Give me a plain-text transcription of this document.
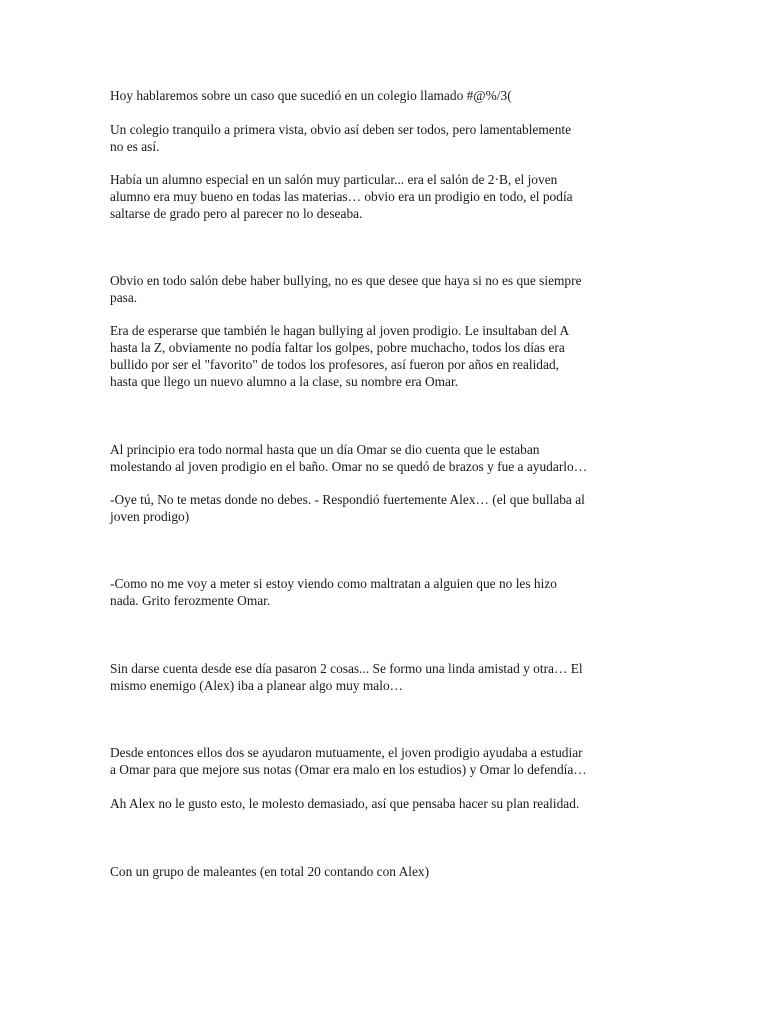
Hoy hablaremos sobre un caso que sucedió en un colegio llamado #@%/3(

Un colegio tranquilo a primera vista, obvio así deben ser todos, pero lamentablemente
no es así.

Había un alumno especial en un salón muy particular... era el salón de 2·B, el joven
alumno era muy bueno en todas las materias… obvio era un prodigio en todo, el podía
saltarse de grado pero al parecer no lo deseaba.

Obvio en todo salón debe haber bullying, no es que desee que haya si no es que siempre
pasa.

Era de esperarse que también le hagan bullying al joven prodigio. Le insultaban del A
hasta la Z, obviamente no podía faltar los golpes, pobre muchacho, todos los días era
bullido por ser el "favorito" de todos los profesores, así fueron por años en realidad,
hasta que llego un nuevo alumno a la clase, su nombre era Omar.

Al principio era todo normal hasta que un día Omar se dio cuenta que le estaban
molestando al joven prodigio en el baño. Omar no se quedó de brazos y fue a ayudarlo…

-Oye tú, No te metas donde no debes. - Respondió fuertemente Alex… (el que bullaba al
joven prodigo)

-Como no me voy a meter si estoy viendo como maltratan a alguien que no les hizo
nada. Grito ferozmente Omar.

Sin darse cuenta desde ese día pasaron 2 cosas... Se formo una linda amistad y otra… El
mismo enemigo (Alex) iba a planear algo muy malo…

Desde entonces ellos dos se ayudaron mutuamente, el joven prodigio ayudaba a estudiar
a Omar para que mejore sus notas (Omar era malo en los estudios) y Omar lo defendía…

Ah Alex no le gusto esto, le molesto demasiado, así que pensaba hacer su plan realidad.

Con un grupo de maleantes (en total 20 contando con Alex)
